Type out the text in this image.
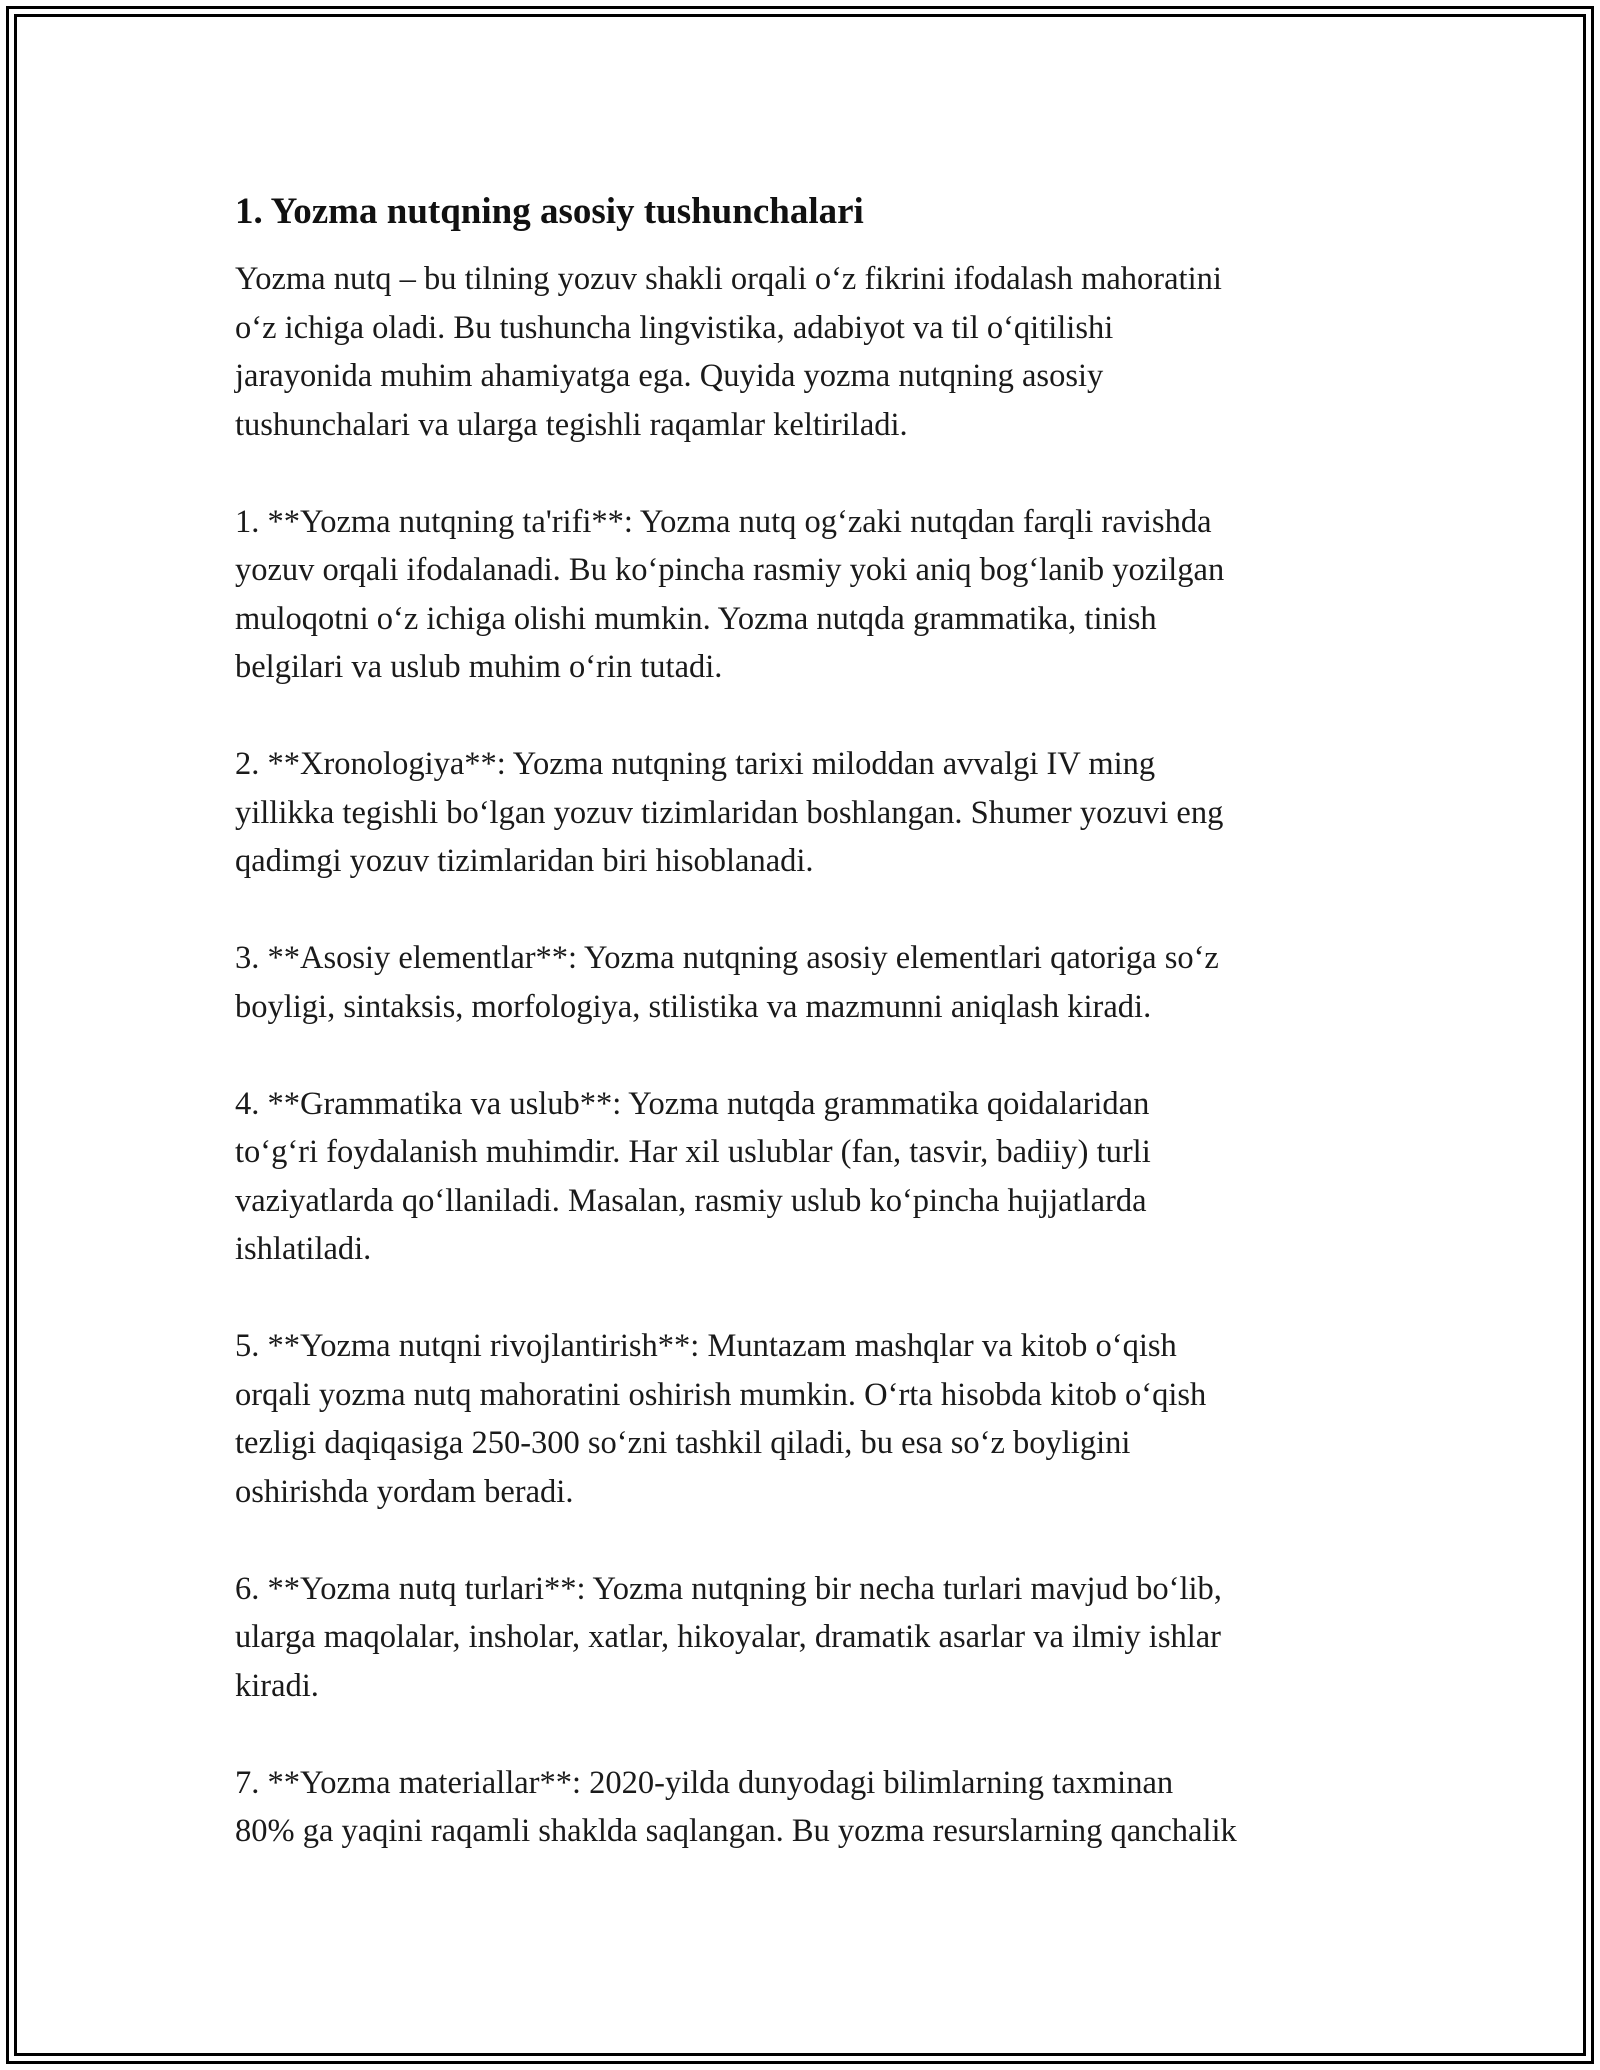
1. Yozma nutqning asosiy tushunchalari

Yozma nutq – bu tilning yozuv shakli orqali o‘z fikrini ifodalash mahoratini
o‘z ichiga oladi. Bu tushuncha lingvistika, adabiyot va til o‘qitilishi
jarayonida muhim ahamiyatga ega. Quyida yozma nutqning asosiy
tushunchalari va ularga tegishli raqamlar keltiriladi.

1. **Yozma nutqning ta'rifi**: Yozma nutq og‘zaki nutqdan farqli ravishda
yozuv orqali ifodalanadi. Bu ko‘pincha rasmiy yoki aniq bog‘lanib yozilgan
muloqotni o‘z ichiga olishi mumkin. Yozma nutqda grammatika, tinish
belgilari va uslub muhim o‘rin tutadi.

2. **Xronologiya**: Yozma nutqning tarixi miloddan avvalgi IV ming
yillikka tegishli bo‘lgan yozuv tizimlaridan boshlangan. Shumer yozuvi eng
qadimgi yozuv tizimlaridan biri hisoblanadi.

3. **Asosiy elementlar**: Yozma nutqning asosiy elementlari qatoriga so‘z
boyligi, sintaksis, morfologiya, stilistika va mazmunni aniqlash kiradi.

4. **Grammatika va uslub**: Yozma nutqda grammatika qoidalaridan
to‘g‘ri foydalanish muhimdir. Har xil uslublar (fan, tasvir, badiiy) turli
vaziyatlarda qo‘llaniladi. Masalan, rasmiy uslub ko‘pincha hujjatlarda
ishlatiladi.

5. **Yozma nutqni rivojlantirish**: Muntazam mashqlar va kitob o‘qish
orqali yozma nutq mahoratini oshirish mumkin. O‘rta hisobda kitob o‘qish
tezligi daqiqasiga 250-300 so‘zni tashkil qiladi, bu esa so‘z boyligini
oshirishda yordam beradi.

6. **Yozma nutq turlari**: Yozma nutqning bir necha turlari mavjud bo‘lib,
ularga maqolalar, insholar, xatlar, hikoyalar, dramatik asarlar va ilmiy ishlar
kiradi.

7. **Yozma materiallar**: 2020-yilda dunyodagi bilimlarning taxminan
80% ga yaqini raqamli shakldа saqlangan. Bu yozma resurslarning qanchalik
